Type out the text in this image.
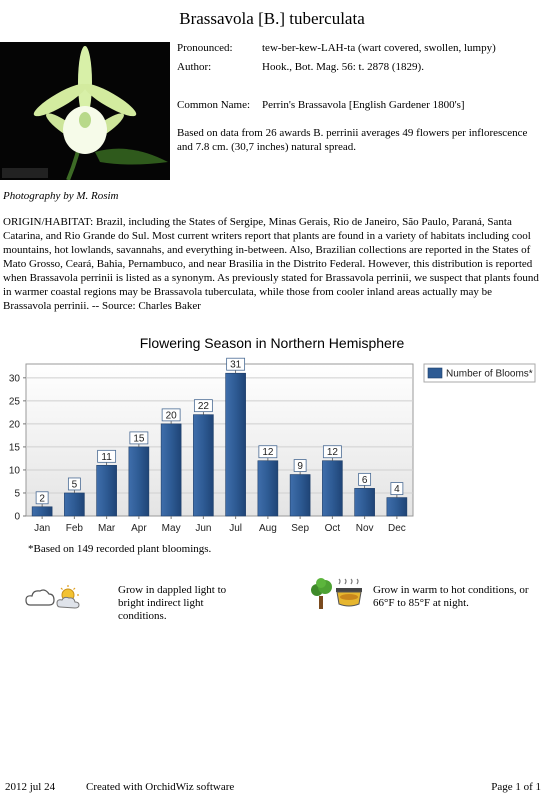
Brassavola [B.] tuberculata
Photography by M. Rosim
Pronounced:	tew-ber-kew-LAH-ta (wart covered, swollen, lumpy)
Author:	Hook., Bot. Mag. 56: t. 2878 (1829).
Common Name: Perrin's Brassavola [English Gardener 1800's]
Based on data from 26 awards B. perrinii averages 49 flowers per inflorescence and 7.8 cm. (30,7 inches) natural spread.
ORIGIN/HABITAT: Brazil, including the States of Sergipe, Minas Gerais, Rio de Janeiro, São Paulo, Paraná, Santa Catarina, and Rio Grande do Sul. Most current writers report that plants are found in a variety of habitats including cool mountains, hot lowlands, savannahs, and everything in-between. Also, Brazilian collections are reported in the States of Mato Grosso, Ceará, Bahia, Pernambuco, and near Brasilia in the Distrito Federal. However, this distribution is reported when Brassavola perrinii is listed as a synonym. As previously stated for Brassavola perrinii, we suspect that plants found in warmer coastal regions may be Brassavola tuberculata, while those from cooler inland areas actually may be Brassavola perrinii. -- Source: Charles Baker
Flowering Season in Northern Hemisphere
0
5
10
15
20
25
30
2
Jan
5
Feb
11
Mar
15
Apr
20
May
22
Jun
31
Jul
12
Aug
9
Sep
12
Oct
6
Nov
4
Dec
Number of Blooms*
*Based on 149 recorded plant bloomings.
Grow in dappled light to bright indirect light conditions.
Grow in warm to hot conditions, or 66°F to 85°F at night.
2012 jul 24	Created with OrchidWiz software	Page 1 of 1
